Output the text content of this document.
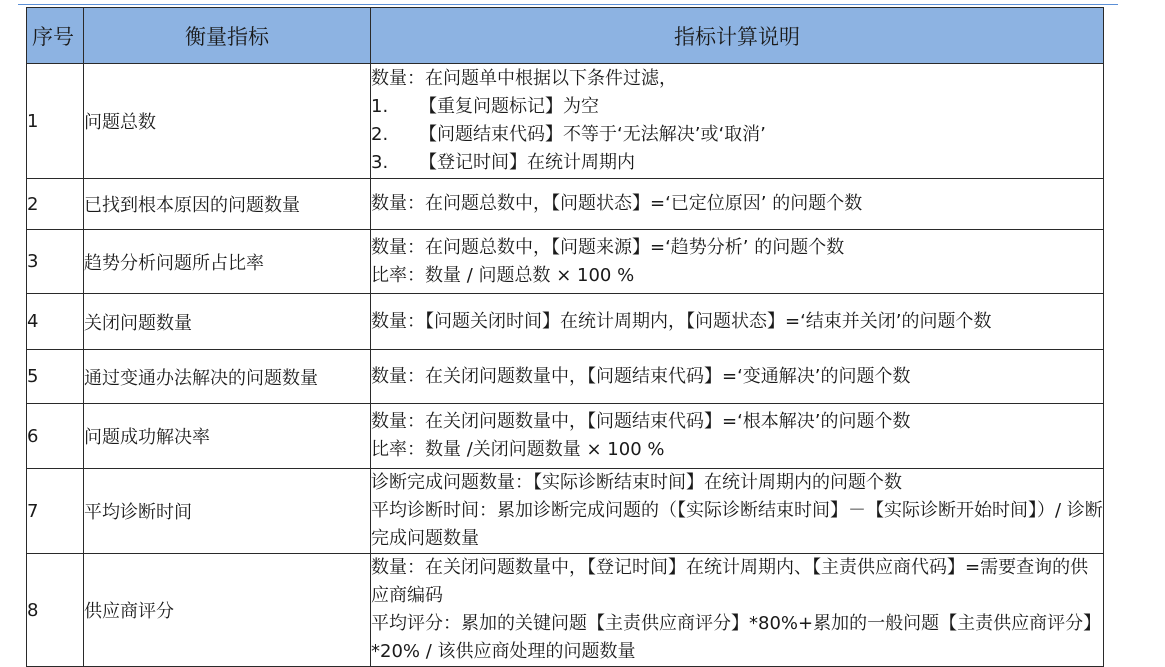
序号	衡量指标	指标计算说明
1	问题总数	数量：在问题单中根据以下条件过滤，
1. 【重复问题标记】为空
2. 【问题结束代码】不等于‘无法解决’或‘取消’
3. 【登记时间】在统计周期内

2	已找到根本原因的问题数量	数量：在问题总数中，【问题状态】=‘已定位原因’ 的问题个数

3	趋势分析问题所占比率	数量：在问题总数中，【问题来源】=‘趋势分析’ 的问题个数
比率：数量 / 问题总数 × 100 %

4	关闭问题数量	数量：【问题关闭时间】在统计周期内，【问题状态】=‘结束并关闭’的问题个数

5	通过变通办法解决的问题数量	数量：在关闭问题数量中，【问题结束代码】=‘变通解决’的问题个数

6	问题成功解决率	数量：在关闭问题数量中，【问题结束代码】=‘根本解决’的问题个数
比率：数量 /关闭问题数量 × 100 %

7	平均诊断时间	诊断完成问题数量：【实际诊断结束时间】在统计周期内的问题个数
平均诊断时间：累加诊断完成问题的（【实际诊断结束时间】－【实际诊断开始时间】）/ 诊断完成问题数量

8	供应商评分	数量：在关闭问题数量中，【登记时间】在统计周期内、【主责供应商代码】=需要查询的供应商编码
平均评分：累加的关键问题【主责供应商评分】*80%+累加的一般问题【主责供应商评分】*20% / 该供应商处理的问题数量
